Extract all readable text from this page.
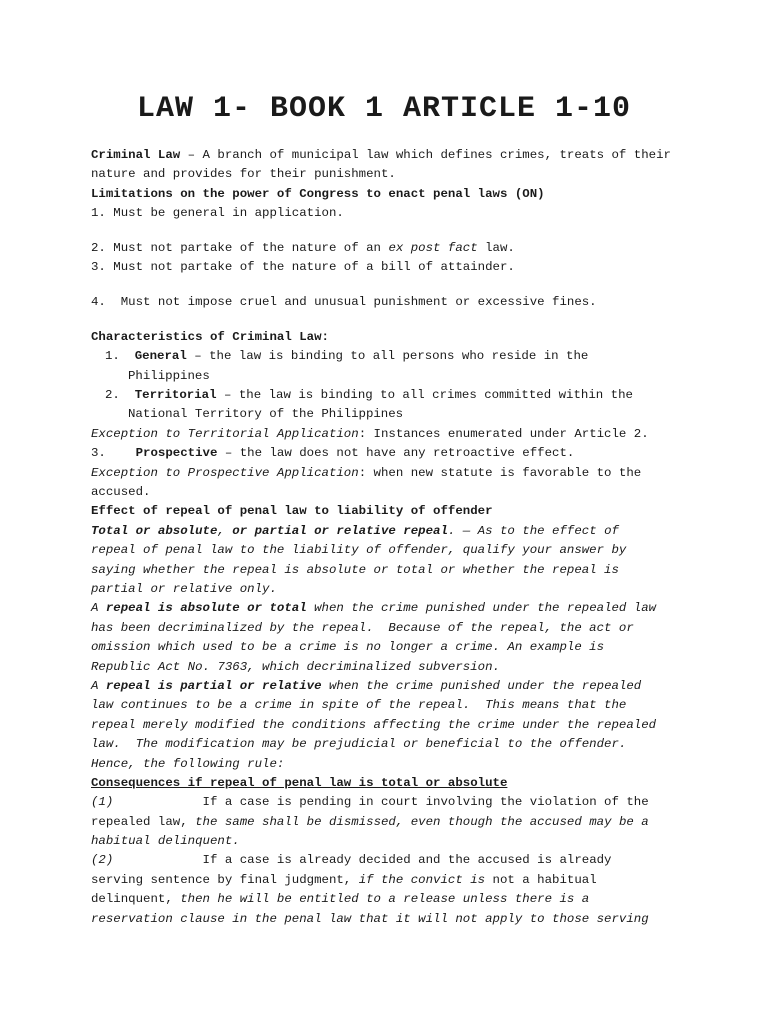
LAW 1- BOOK 1 ARTICLE 1-10
Criminal Law – A branch of municipal law which defines crimes, treats of their
nature and provides for their punishment.
Limitations on the power of Congress to enact penal laws (ON)
1. Must be general in application.
2. Must not partake of the nature of an ex post fact law.
3. Must not partake of the nature of a bill of attainder.
4.  Must not impose cruel and unusual punishment or excessive fines.
Characteristics of Criminal Law:
1.  General – the law is binding to all persons who reside in the
Philippines
2.  Territorial – the law is binding to all crimes committed within the
National Territory of the Philippines
Exception to Territorial Application: Instances enumerated under Article 2.
3.    Prospective – the law does not have any retroactive effect.
Exception to Prospective Application: when new statute is favorable to the
accused.
Effect of repeal of penal law to liability of offender
Total or absolute, or partial or relative repeal. — As to the effect of
repeal of penal law to the liability of offender, qualify your answer by
saying whether the repeal is absolute or total or whether the repeal is
partial or relative only.
A repeal is absolute or total when the crime punished under the repealed law
has been decriminalized by the repeal.  Because of the repeal, the act or
omission which used to be a crime is no longer a crime. An example is
Republic Act No. 7363, which decriminalized subversion.
A repeal is partial or relative when the crime punished under the repealed
law continues to be a crime in spite of the repeal.  This means that the
repeal merely modified the conditions affecting the crime under the repealed
law.  The modification may be prejudicial or beneficial to the offender.
Hence, the following rule:
Consequences if repeal of penal law is total or absolute
(1)            If a case is pending in court involving the violation of the
repealed law, the same shall be dismissed, even though the accused may be a
habitual delinquent.
(2)            If a case is already decided and the accused is already
serving sentence by final judgment, if the convict is not a habitual
delinquent, then he will be entitled to a release unless there is a
reservation clause in the penal law that it will not apply to those serving
